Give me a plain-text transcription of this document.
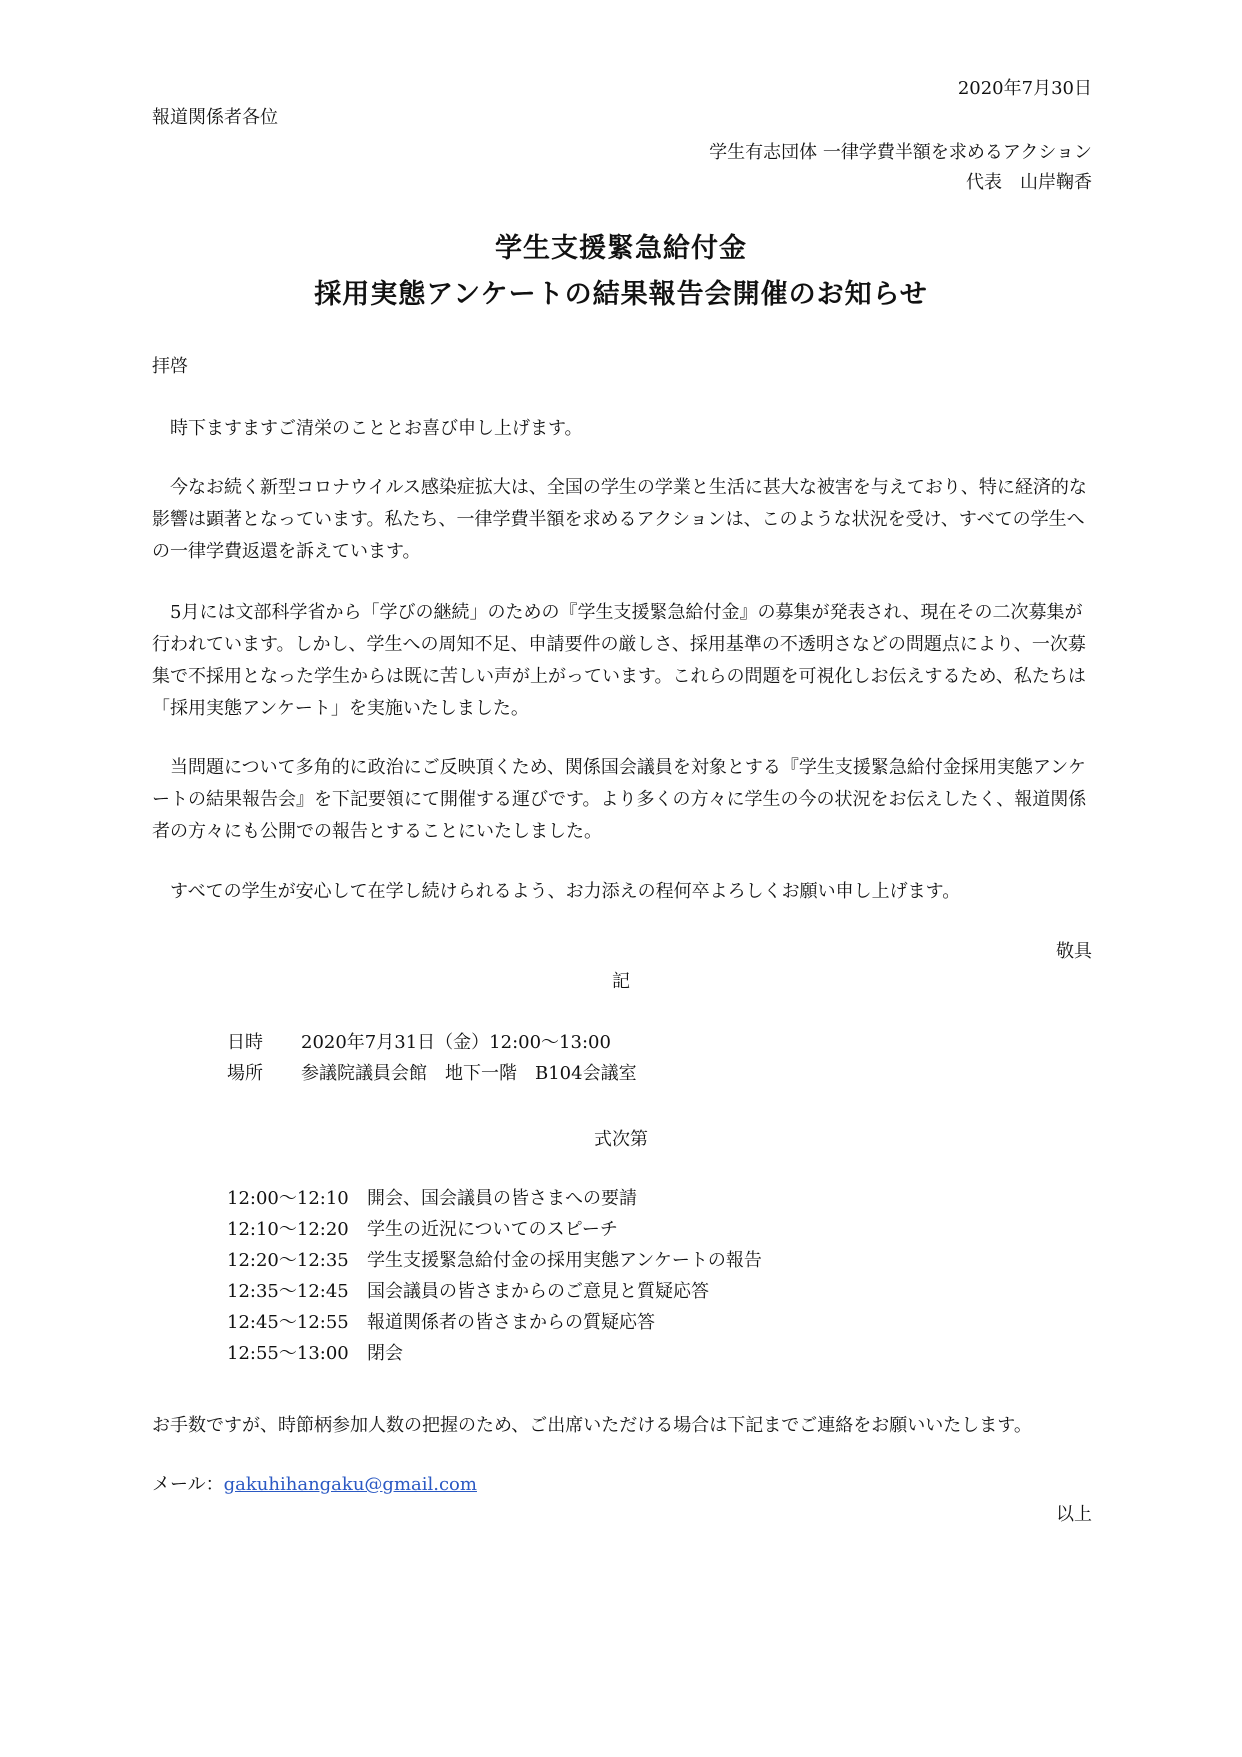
2020年7月30日
報道関係者各位
学生有志団体 一律学費半額を求めるアクション
代表　山岸鞠香
学生支援緊急給付金
採用実態アンケートの結果報告会開催のお知らせ
拝啓

時下ますますご清栄のこととお喜び申し上げます。

今なお続く新型コロナウイルス感染症拡大は、全国の学生の学業と生活に甚大な被害を与えており、特に経済的な影響は顕著となっています。私たち、一律学費半額を求めるアクションは、このような状況を受け、すべての学生への一律学費返還を訴えています。

5月には文部科学省から「学びの継続」のための『学生支援緊急給付金』の募集が発表され、現在その二次募集が行われています。しかし、学生への周知不足、申請要件の厳しさ、採用基準の不透明さなどの問題点により、一次募集で不採用となった学生からは既に苦しい声が上がっています。これらの問題を可視化しお伝えするため、私たちは「採用実態アンケート」を実施いたしました。

当問題について多角的に政治にご反映頂くため、関係国会議員を対象とする『学生支援緊急給付金採用実態アンケートの結果報告会』を下記要領にて開催する運びです。より多くの方々に学生の今の状況をお伝えしたく、報道関係者の方々にも公開での報告とすることにいたしました。

すべての学生が安心して在学し続けられるよう、お力添えの程何卒よろしくお願い申し上げます。

敬具
記
日時	2020年7月31日（金）12:00〜13:00
場所	参議院議員会館　地下一階　B104会議室
式次第
12:00〜12:10	開会、国会議員の皆さまへの要請
12:10〜12:20	学生の近況についてのスピーチ
12:20〜12:35	学生支援緊急給付金の採用実態アンケートの報告
12:35〜12:45	国会議員の皆さまからのご意見と質疑応答
12:45〜12:55	報道関係者の皆さまからの質疑応答
12:55〜13:00	閉会

お手数ですが、時節柄参加人数の把握のため、ご出席いただける場合は下記までご連絡をお願いいたします。

メール：gakuhihangaku@gmail.com
以上
